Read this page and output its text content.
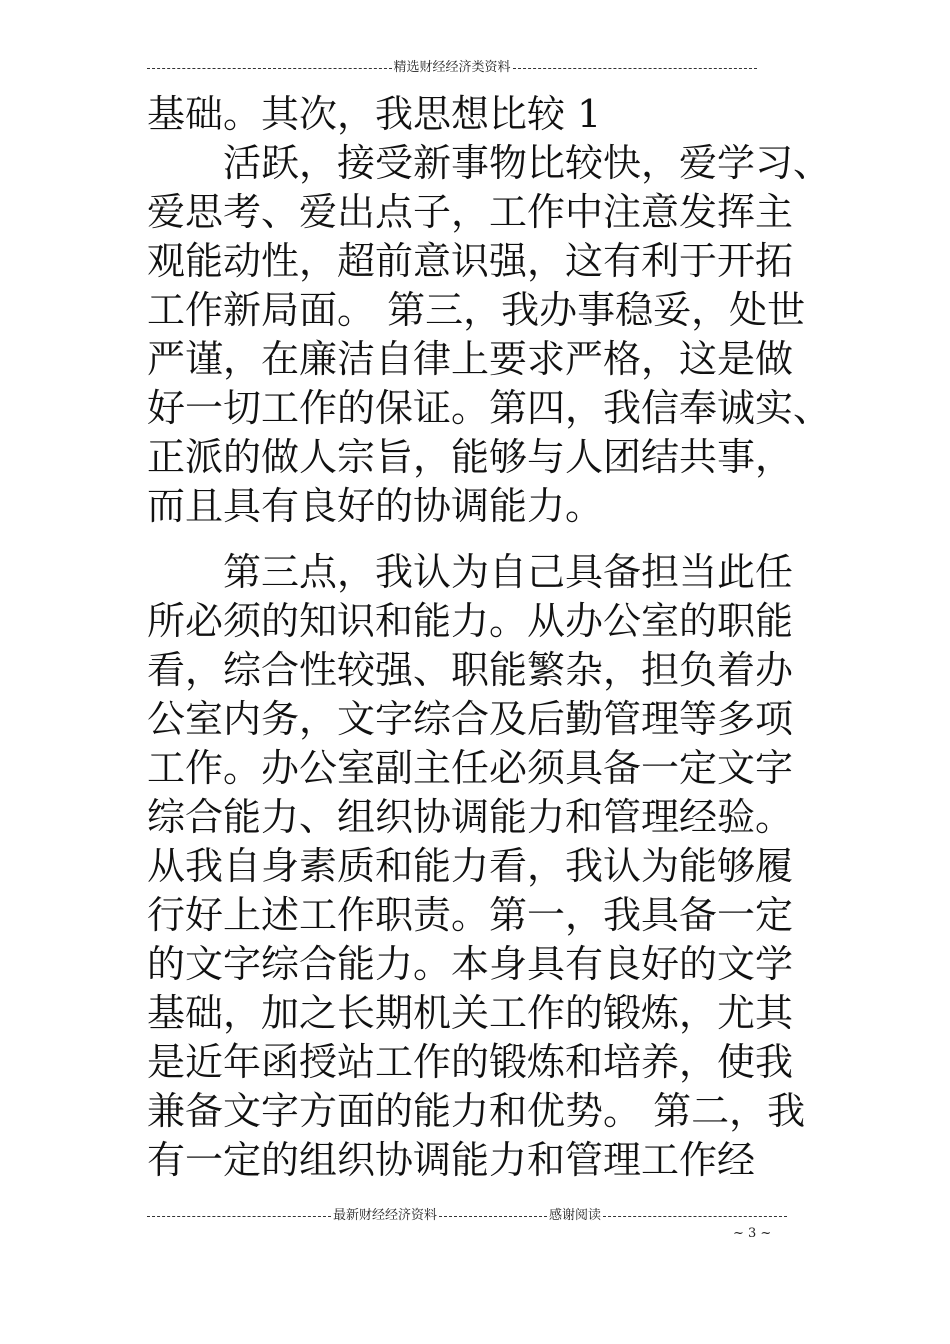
精选财经经济类资料
基础。其次，我思想比较 1
活跃，接受新事物比较快，爱学习、
爱思考、爱出点子，工作中注意发挥主
观能动性，超前意识强，这有利于开拓
工作新局面。 第三，我办事稳妥，处世
严谨，在廉洁自律上要求严格，这是做
好一切工作的保证。第四，我信奉诚实、
正派的做人宗旨，能够与人团结共事，
而且具有良好的协调能力。
第三点，我认为自己具备担当此任
所必须的知识和能力。从办公室的职能
看，综合性较强、职能繁杂，担负着办
公室内务，文字综合及后勤管理等多项
工作。办公室副主任必须具备一定文字
综合能力、组织协调能力和管理经验。
从我自身素质和能力看，我认为能够履
行好上述工作职责。第一，我具备一定
的文字综合能力。本身具有良好的文学
基础，加之长期机关工作的锻炼，尤其
是近年函授站工作的锻炼和培养，使我
兼备文字方面的能力和优势。 第二，我
有一定的组织协调能力和管理工作经
最新财经经济资料	感谢阅读
~ 3 ~
